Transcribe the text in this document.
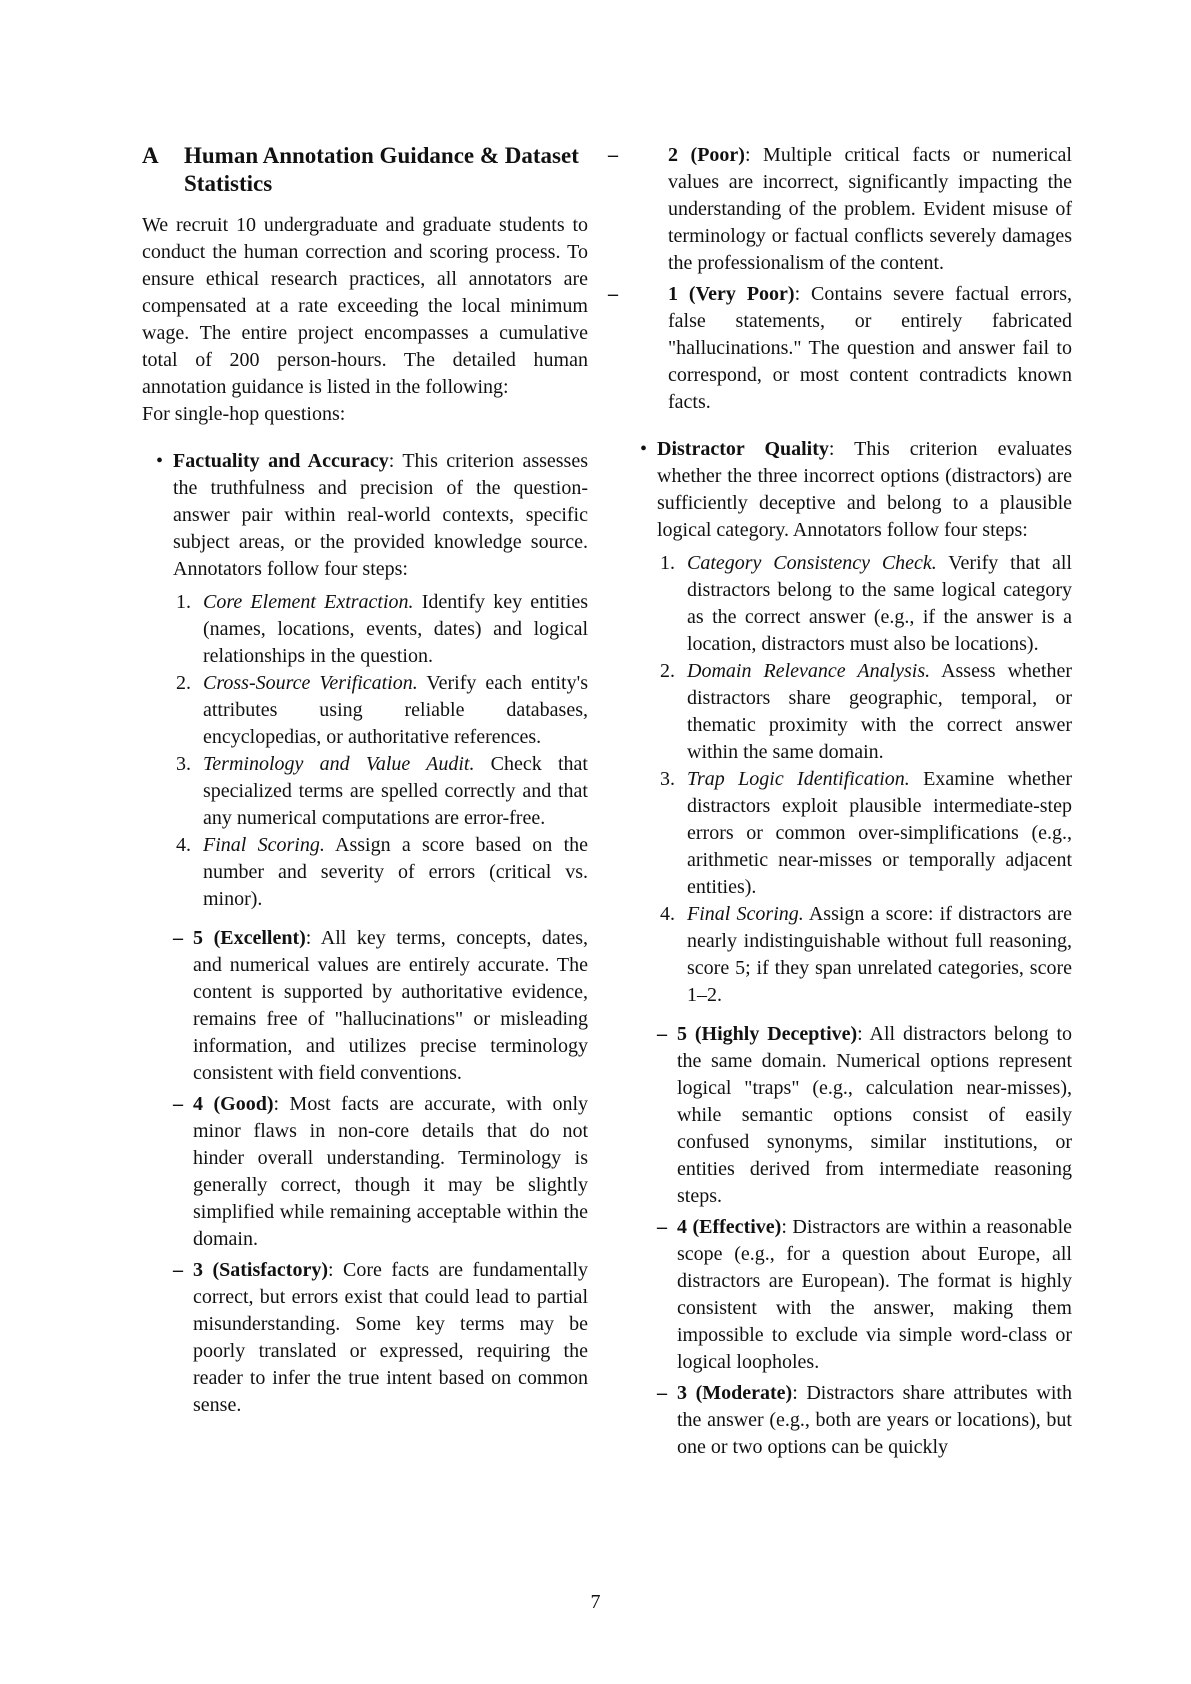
A	Human Annotation Guidance & Dataset Statistics

We recruit 10 undergraduate and graduate students to conduct the human correction and scoring process. To ensure ethical research practices, all annotators are compensated at a rate exceeding the local minimum wage. The entire project encompasses a cumulative total of 200 person-hours. The detailed human annotation guidance is listed in the following:

For single-hop questions:

• Factuality and Accuracy: This criterion assesses the truthfulness and precision of the question-answer pair within real-world contexts, specific subject areas, or the provided knowledge source. Annotators follow four steps:
1. Core Element Extraction. Identify key entities (names, locations, events, dates) and logical relationships in the question.
2. Cross-Source Verification. Verify each entity's attributes using reliable databases, encyclopedias, or authoritative references.
3. Terminology and Value Audit. Check that specialized terms are spelled correctly and that any numerical computations are error-free.
4. Final Scoring. Assign a score based on the number and severity of errors (critical vs. minor).
– 5 (Excellent): All key terms, concepts, dates, and numerical values are entirely accurate. The content is supported by authoritative evidence, remains free of "hallucinations" or misleading information, and utilizes precise terminology consistent with field conventions.
– 4 (Good): Most facts are accurate, with only minor flaws in non-core details that do not hinder overall understanding. Terminology is generally correct, though it may be slightly simplified while remaining acceptable within the domain.
– 3 (Satisfactory): Core facts are fundamentally correct, but errors exist that could lead to partial misunderstanding. Some key terms may be poorly translated or expressed, requiring the reader to infer the true intent based on common sense.
–	2 (Poor): Multiple critical facts or numerical values are incorrect, significantly impacting the understanding of the problem. Evident misuse of terminology or factual conflicts severely damages the professionalism of the content.
–	1 (Very Poor): Contains severe factual errors, false statements, or entirely fabricated "hallucinations." The question and answer fail to correspond, or most content contradicts known facts.
• Distractor Quality: This criterion evaluates whether the three incorrect options (distractors) are sufficiently deceptive and belong to a plausible logical category. Annotators follow four steps:
1. Category Consistency Check. Verify that all distractors belong to the same logical category as the correct answer (e.g., if the answer is a location, distractors must also be locations).
2. Domain Relevance Analysis. Assess whether distractors share geographic, temporal, or thematic proximity with the correct answer within the same domain.
3. Trap Logic Identification. Examine whether distractors exploit plausible intermediate-step errors or common over-simplifications (e.g., arithmetic near-misses or temporally adjacent entities).
4. Final Scoring. Assign a score: if distractors are nearly indistinguishable without full reasoning, score 5; if they span unrelated categories, score 1–2.
– 5 (Highly Deceptive): All distractors belong to the same domain. Numerical options represent logical "traps" (e.g., calculation near-misses), while semantic options consist of easily confused synonyms, similar institutions, or entities derived from intermediate reasoning steps.
– 4 (Effective): Distractors are within a reasonable scope (e.g., for a question about Europe, all distractors are European). The format is highly consistent with the answer, making them impossible to exclude via simple word-class or logical loopholes.
– 3 (Moderate): Distractors share attributes with the answer (e.g., both are years or locations), but one or two options can be quickly
7
